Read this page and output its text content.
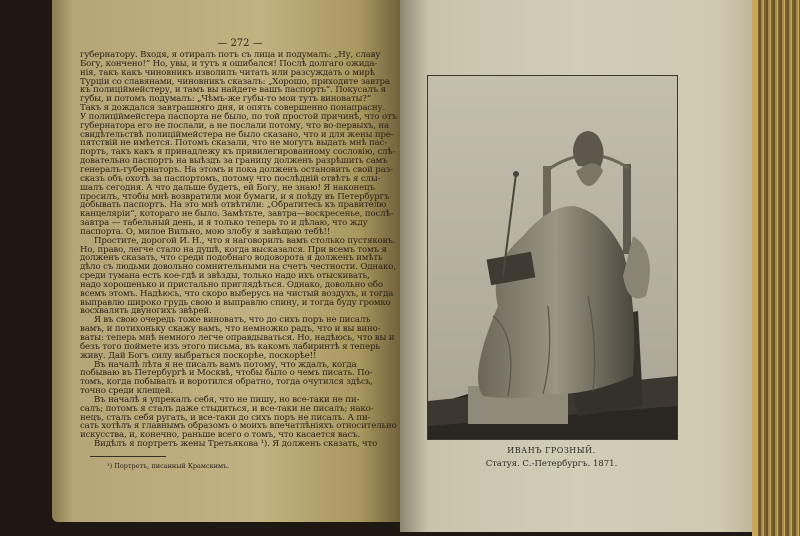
— 272 —
губернатору. Входя, я отиралъ потъ съ лица и подумалъ: „Ну, славу
Богу, кончено!“ Но, увы, и тутъ я ошибался! Послѣ долгаго ожида-
нія, такъ какъ чиновникъ изволилъ читать или разсуждать о мирѣ
Турціи со славянами, чиновникъ сказалъ: „Хорошо, приходите завтра
къ полиціймейстеру, и тамъ вы найдете вашъ паспортъ“. Покусалъ я
губы, и потомъ подумалъ: „Чѣмъ-же губы-то мои тутъ виноваты?“
Такъ я дождался завтрашняго дня, и опять совершенно понапрасну.
У полиціймейстера паспорта не было, по той простой причинѣ, что отъ
губернатора его не послали, а не послали потому, что во-первыхъ, на
свидѣтельствѣ полиціймейстера не было сказано, что и для жены пре-
пятствій не имѣется. Потомъ сказали, что не могутъ выдать мнѣ пас-
портъ, такъ какъ я принадлежу къ привилегированному сословію, слѣ-
довательно паспортъ на выѣздъ за границу долженъ разрѣшить самъ
генералъ-губернаторъ. На этомъ и пока долженъ остановить свой раз-
сказъ объ охотѣ за паспортомъ, потому что послѣдній отвѣтъ я слы-
шалъ сегодня. А что дальше будетъ, ей Богу, не знаю! Я наконецъ
просилъ, чтобы мнѣ возвратили мои бумаги, и я поѣду въ Петербургъ
добывать паспортъ. На это мнѣ отвѣтили: „Обратитесь къ правителю
канцеляріи“, котораго не было. Замѣтьте, завтра—воскресенье, послѣ-
завтра — табельный день, и я только теперь то и дѣлаю, что жду
паспорта. О, милое Вильно, мою злобу я завѣщаю тебѣ!!
Простите, дорогой И. Н., что я наговорилъ вамъ столько пустяковъ.
Но, право, легче стало на душѣ, когда высказался. При всемъ томъ я
долженъ сказать, что среди подобнаго водоворота я долженъ имѣть
дѣло съ людьми довольно сомнительными на счетъ честности. Однако,
среди тумана есть кое-гдѣ и звѣзды, только надо ихъ отыскивать,
надо хорошенько и пристально приглядѣться. Однако, довольно обо
всемъ этомъ. Надѣюсь, что скоро выберусь на чистый воздухъ, и тогда
выправлю широко грудь свою и выправлю спину, и тогда буду громко
восхвалять двуногихъ звѣрей.
Я въ свою очередь тоже виноватъ, что до сихъ поръ не писалъ
вамъ, и потихоньку скажу вамъ, что немножко радъ, что и вы вино-
ваты: теперь мнѣ немного легче оправдываться. Но, надѣюсь, что вы и
безъ того поймете изъ этого письма, въ какомъ лабиринтѣ я теперь
живу. Дай Богъ силу выбраться поскорѣе, поскорѣе!!
Въ началѣ лѣта я не писалъ вамъ потому, что ждалъ, когда
побываю въ Петербургѣ и Москвѣ, чтобы было о чемъ писать. По-
томъ, когда побывалъ и воротился обратно, тогда очутился здѣсь,
точно среди клещей.
Въ началѣ я упрекалъ себя, что не пишу, но все-таки не пи-
салъ; потомъ я сталъ даже стыдиться, и все-таки не писалъ; нако-
нецъ, сталъ себя ругать, и все-таки до сихъ поръ не писалъ. А пи-
сать хотѣлъ я главнымъ образомъ о моихъ впечатлѣніяхъ относительно
искусства, и, конечно, раньше всего о томъ, что касается васъ.
Видѣлъ я портретъ жены Третьякова ¹). Я долженъ сказать, что
¹) Портретъ, писанный Крамскимъ.
ИВАНЪ ГРОЗНЫЙ.
Статуя. С.-Петербургъ. 1871.
